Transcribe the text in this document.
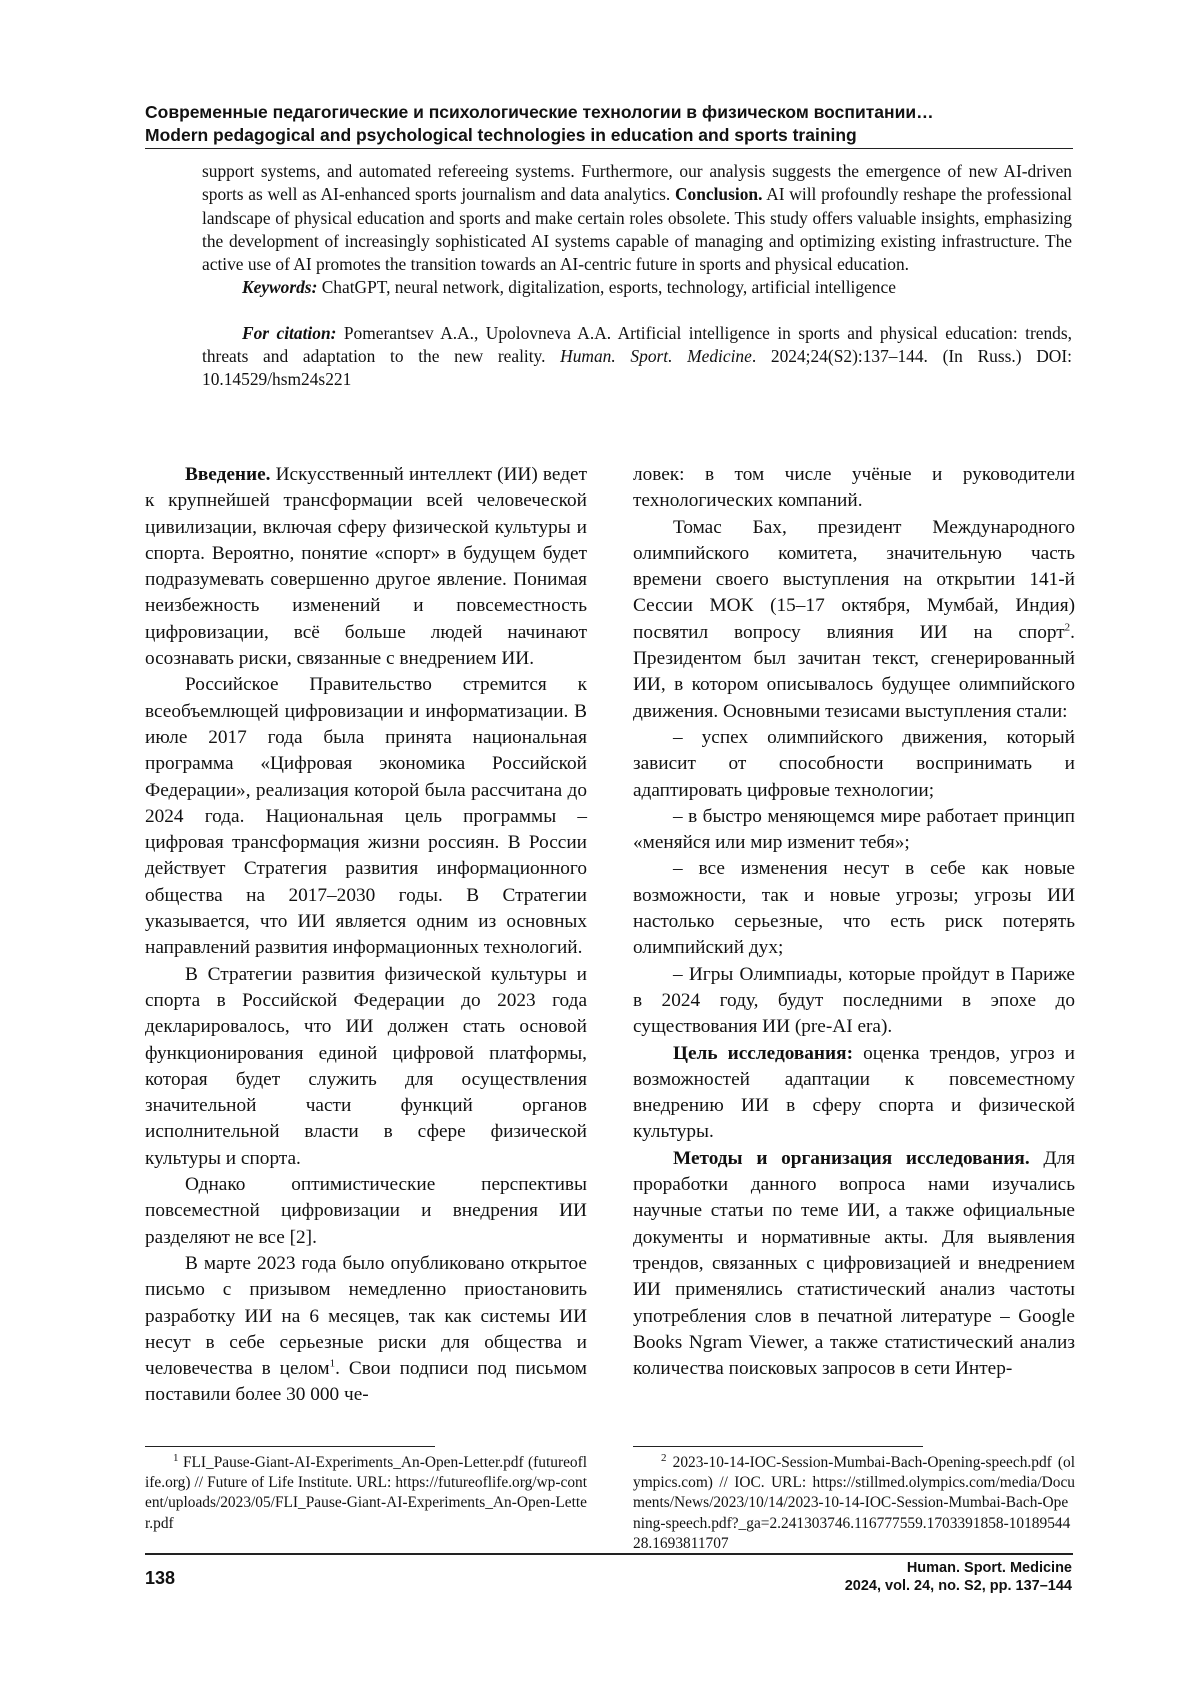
Современные педагогические и психологические технологии в физическом воспитании…
Modern pedagogical and psychological technologies in education and sports training

support systems, and automated refereeing systems. Furthermore, our analysis suggests the emergence of new AI-driven sports as well as AI-enhanced sports journalism and data analytics. Conclusion. AI will profoundly reshape the professional landscape of physical education and sports and make certain roles obsolete. This study offers valuable insights, emphasizing the development of increasingly sophisticated AI systems capable of managing and optimizing existing infrastructure. The active use of AI promotes the transition towards an AI-centric future in sports and physical education.

Keywords: ChatGPT, neural network, digitalization, esports, technology, artificial intelligence

For citation: Pomerantsev A.A., Upolovneva A.A. Artificial intelligence in sports and physical education: trends, threats and adaptation to the new reality. Human. Sport. Medicine. 2024;24(S2):137–144. (In Russ.) DOI: 10.14529/hsm24s221

Введение. Искусственный интеллект (ИИ) ведет к крупнейшей трансформации всей человеческой цивилизации, включая сферу физической культуры и спорта. Вероятно, понятие «спорт» в будущем будет подразумевать совершенно другое явление. Понимая неизбежность изменений и повсеместность цифровизации, всё больше людей начинают осознавать риски, связанные с внедрением ИИ.

Российское Правительство стремится к всеобъемлющей цифровизации и информатизации. В июле 2017 года была принята национальная программа «Цифровая экономика Российской Федерации», реализация которой была рассчитана до 2024 года. Национальная цель программы – цифровая трансформация жизни россиян. В России действует Стратегия развития информационного общества на 2017–2030 годы. В Стратегии указывается, что ИИ является одним из основных направлений развития информационных технологий.

В Стратегии развития физической культуры и спорта в Российской Федерации до 2023 года декларировалось, что ИИ должен стать основой функционирования единой цифровой платформы, которая будет служить для осуществления значительной части функций органов исполнительной власти в сфере физической культуры и спорта.

Однако оптимистические перспективы повсеместной цифровизации и внедрения ИИ разделяют не все [2].

В марте 2023 года было опубликовано открытое письмо с призывом немедленно приостановить разработку ИИ на 6 месяцев, так как системы ИИ несут в себе серьезные риски для общества и человечества в целом$^1$. Свои подписи под письмом поставили более 30 000 че-

ловек: в том числе учёные и руководители технологических компаний.

Томас Бах, президент Международного олимпийского комитета, значительную часть времени своего выступления на открытии 141-й Сессии МОК (15–17 октября, Мумбай, Индия) посвятил вопросу влияния ИИ на спорт$^2$. Президентом был зачитан текст, сгенерированный ИИ, в котором описывалось будущее олимпийского движения. Основными тезисами выступления стали:

– успех олимпийского движения, который зависит от способности воспринимать и адаптировать цифровые технологии;

– в быстро меняющемся мире работает принцип «меняйся или мир изменит тебя»;

– все изменения несут в себе как новые возможности, так и новые угрозы; угрозы ИИ настолько серьезные, что есть риск потерять олимпийский дух;

– Игры Олимпиады, которые пройдут в Париже в 2024 году, будут последними в эпохе до существования ИИ (pre-AI era).

Цель исследования: оценка трендов, угроз и возможностей адаптации к повсеместному внедрению ИИ в сферу спорта и физической культуры.

Методы и организация исследования. Для проработки данного вопроса нами изучались научные статьи по теме ИИ, а также официальные документы и нормативные акты. Для выявления трендов, связанных с цифровизацией и внедрением ИИ применялись статистический анализ частоты употребления слов в печатной литературе – Google Books Ngram Viewer, а также статистический анализ количества поисковых запросов в сети Интер-

$^1$ FLI_Pause-Giant-AI-Experiments_An-Open-Letter.pdf (futureoflife.org) // Future of Life Institute. URL: https://futureoflife.org/wp-content/uploads/2023/05/FLI_Pause-Giant-AI-Experiments_An-Open-Letter.pdf

$^2$ 2023-10-14-IOC-Session-Mumbai-Bach-Opening-speech.pdf (olympics.com) // IOC. URL: https://stillmed.olympics.com/media/Documents/News/2023/10/14/2023-10-14-IOC-Session-Mumbai-Bach-Opening-speech.pdf?_ga=2.241303746.116777559.1703391858-1018954428.1693811707

138	Human. Sport. Medicine
2024, vol. 24, no. S2, pp. 137–144
